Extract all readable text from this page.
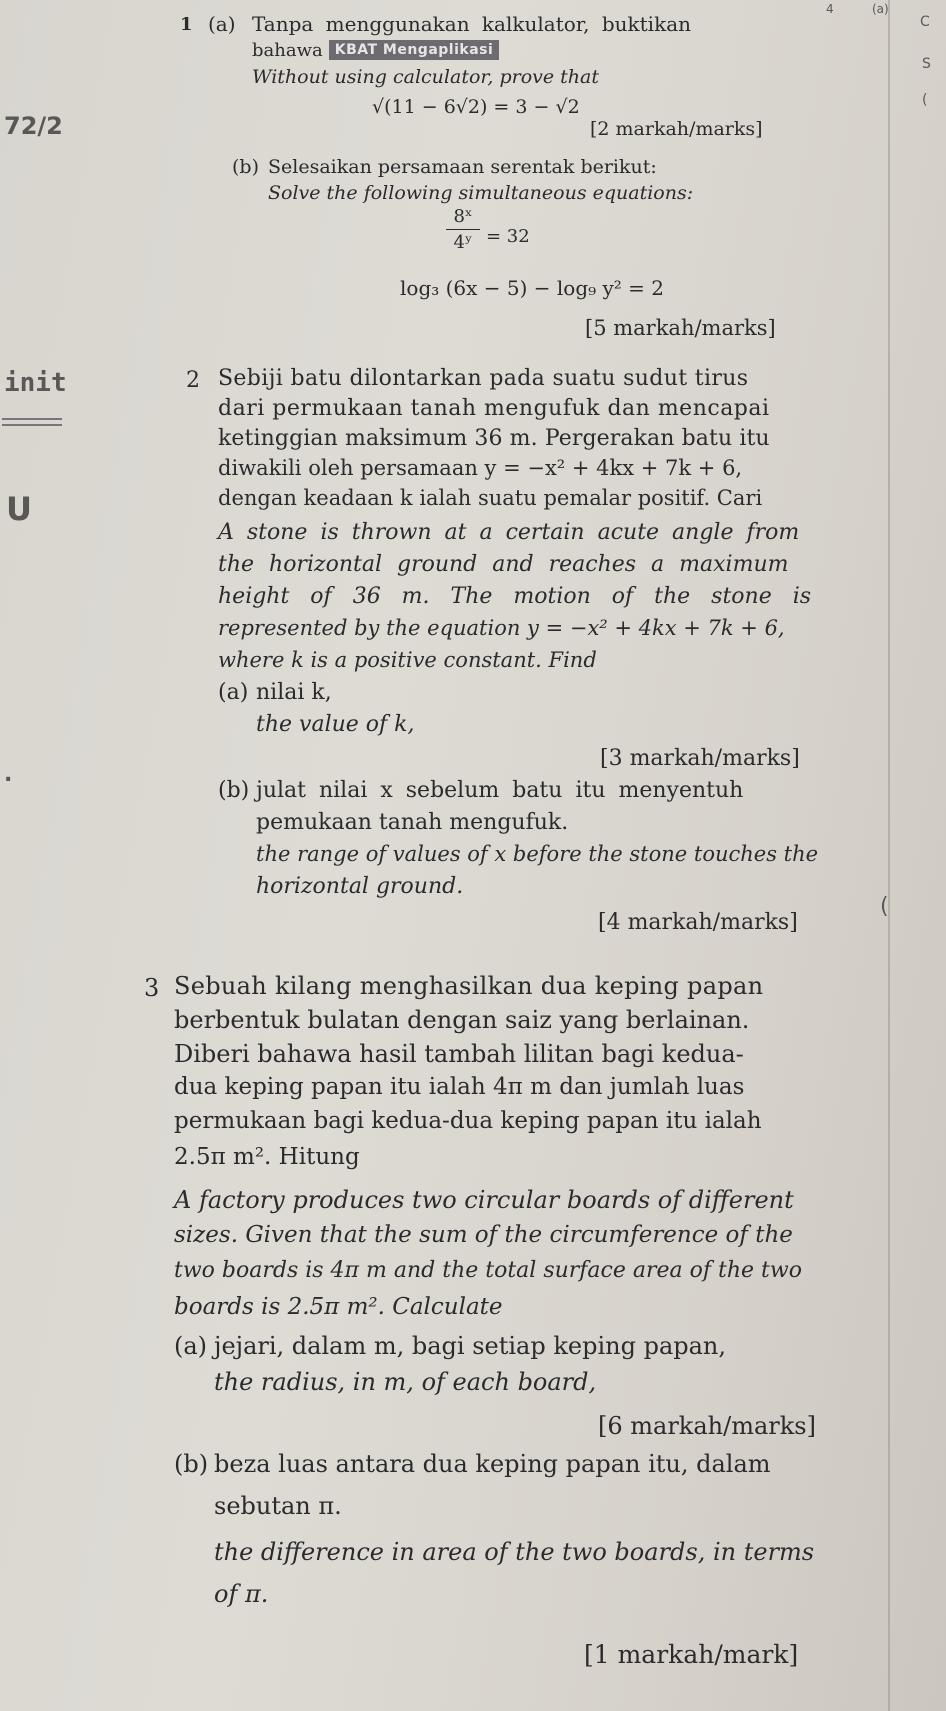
72/2
init
U
.
4	(a)
C
S
(
(
1 (a) Tanpa menggunakan kalkulator, buktikan
bahawa KBAT Mengaplikasi
Without using calculator, prove that
√(11 − 6√2) = 3 − √2
[2 markah/marks]
(b) Selesaikan persamaan serentak berikut:
Solve the following simultaneous equations:
8ˣ
4ʸ = 32
log₃ (6x − 5) − log₉ y² = 2
[5 markah/marks]
2 Sebiji batu dilontarkan pada suatu sudut tirus
dari permukaan tanah mengufuk dan mencapai
ketinggian maksimum 36 m. Pergerakan batu itu
diwakili oleh persamaan y = −x² + 4kx + 7k + 6,
dengan keadaan k ialah suatu pemalar positif. Cari
A stone is thrown at a certain acute angle from
the horizontal ground and reaches a maximum
height of 36 m. The motion of the stone is
represented by the equation y = −x² + 4kx + 7k + 6,
where k is a positive constant. Find
(a) nilai k,
the value of k,
[3 markah/marks]
(b) julat nilai x sebelum batu itu menyentuh
pemukaan tanah mengufuk.
the range of values of x before the stone touches the
horizontal ground.
[4 markah/marks]
3 Sebuah kilang menghasilkan dua keping papan
berbentuk bulatan dengan saiz yang berlainan.
Diberi bahawa hasil tambah lilitan bagi kedua-
dua keping papan itu ialah 4π m dan jumlah luas
permukaan bagi kedua-dua keping papan itu ialah
2.5π m². Hitung
A factory produces two circular boards of different
sizes. Given that the sum of the circumference of the
two boards is 4π m and the total surface area of the two
boards is 2.5π m². Calculate
(a) jejari, dalam m, bagi setiap keping papan,
the radius, in m, of each board,
[6 markah/marks]
(b) beza luas antara dua keping papan itu, dalam
sebutan π.
the difference in area of the two boards, in terms
of π.
[1 markah/mark]
